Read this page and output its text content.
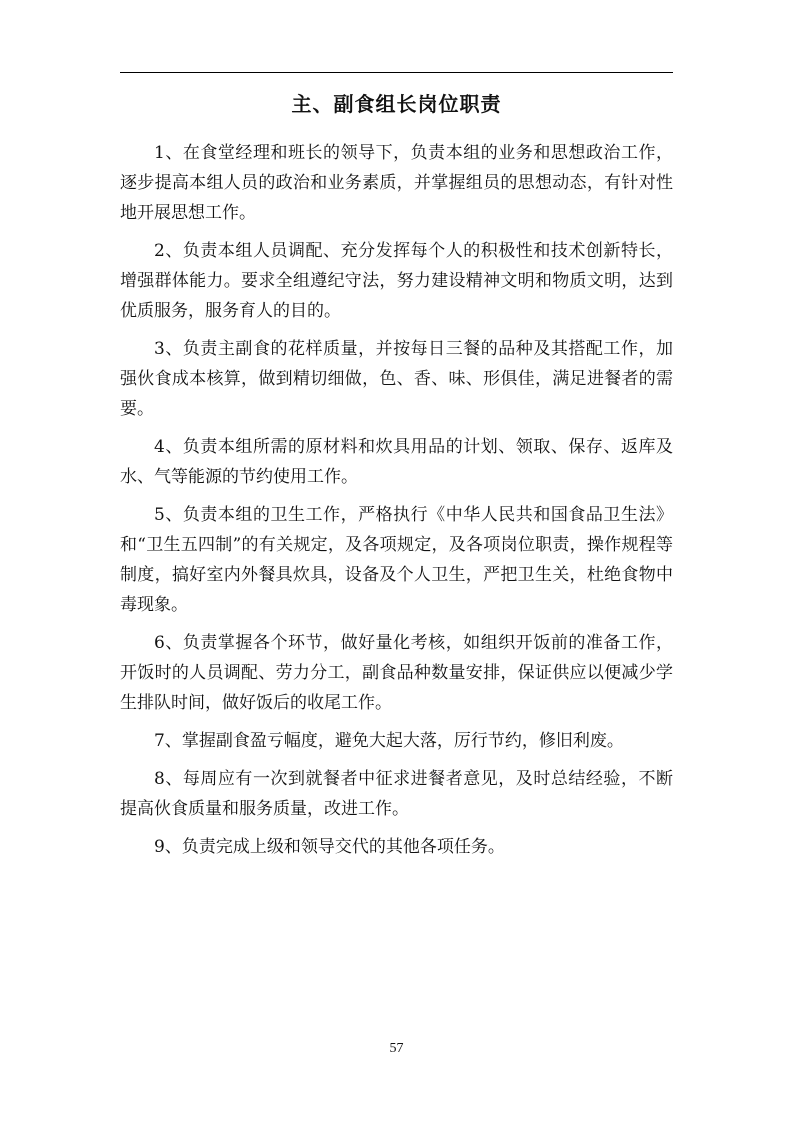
主、副食组长岗位职责

1、在食堂经理和班长的领导下，负责本组的业务和思想政治工作，逐步提高本组人员的政治和业务素质，并掌握组员的思想动态，有针对性地开展思想工作。

2、负责本组人员调配、充分发挥每个人的积极性和技术创新特长，增强群体能力。要求全组遵纪守法，努力建设精神文明和物质文明，达到优质服务，服务育人的目的。

3、负责主副食的花样质量，并按每日三餐的品种及其搭配工作，加强伙食成本核算，做到精切细做，色、香、味、形俱佳，满足进餐者的需要。

4、负责本组所需的原材料和炊具用品的计划、领取、保存、返库及水、气等能源的节约使用工作。

5、负责本组的卫生工作，严格执行《中华人民共和国食品卫生法》和“卫生五四制”的有关规定，及各项规定，及各项岗位职责，操作规程等制度，搞好室内外餐具炊具，设备及个人卫生，严把卫生关，杜绝食物中毒现象。

6、负责掌握各个环节，做好量化考核，如组织开饭前的准备工作，开饭时的人员调配、劳力分工，副食品种数量安排，保证供应以便减少学生排队时间，做好饭后的收尾工作。

7、掌握副食盈亏幅度，避免大起大落，厉行节约，修旧利废。

8、每周应有一次到就餐者中征求进餐者意见，及时总结经验，不断提高伙食质量和服务质量，改进工作。

9、负责完成上级和领导交代的其他各项任务。

57
